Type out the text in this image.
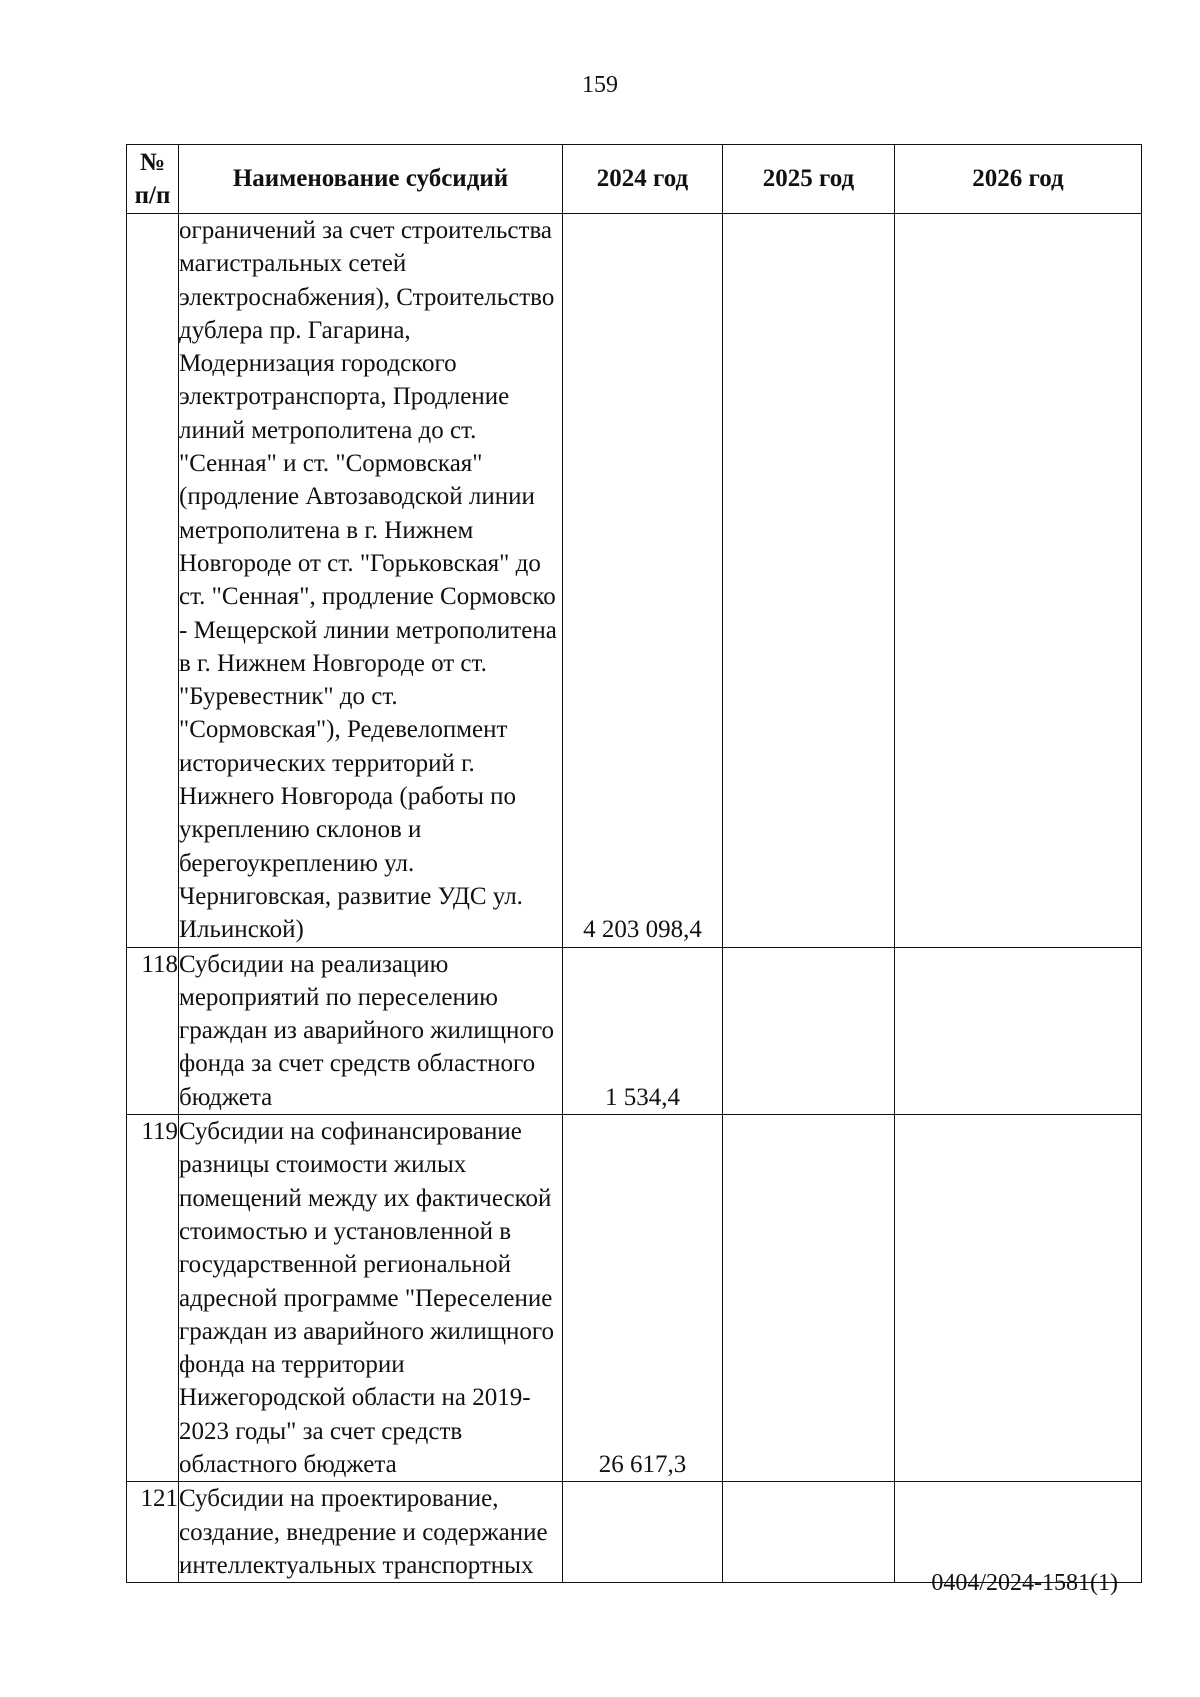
159
№ п/п	Наименование субсидий	2024 год	2025 год	2026 год
	ограничений за счет строительства магистральных сетей электроснабжения), Строительство дублера пр. Гагарина, Модернизация городского электротранспорта, Продление линий метрополитена до ст. "Сенная" и ст. "Сормовская" (продление Автозаводской линии метрополитена в г. Нижнем Новгороде от ст. "Горьковская" до ст. "Сенная", продление Сормовско - Мещерской линии метрополитена в г. Нижнем Новгороде от ст. "Буревестник" до ст. "Сормовская"), Редевелопмент исторических территорий г. Нижнего Новгорода (работы по укреплению склонов и берегоукреплению ул. Черниговская, развитие УДС ул. Ильинской)	4 203 098,4		
118	Субсидии на реализацию мероприятий по переселению граждан из аварийного жилищного фонда за счет средств областного бюджета	1 534,4		
119	Субсидии на софинансирование разницы стоимости жилых помещений между их фактической стоимостью и установленной в государственной региональной адресной программе "Переселение граждан из аварийного жилищного фонда на территории Нижегородской области на 2019-2023 годы" за счет средств областного бюджета	26 617,3		
121	Субсидии на проектирование, создание, внедрение и содержание интеллектуальных транспортных			
0404/2024-1581(1)
